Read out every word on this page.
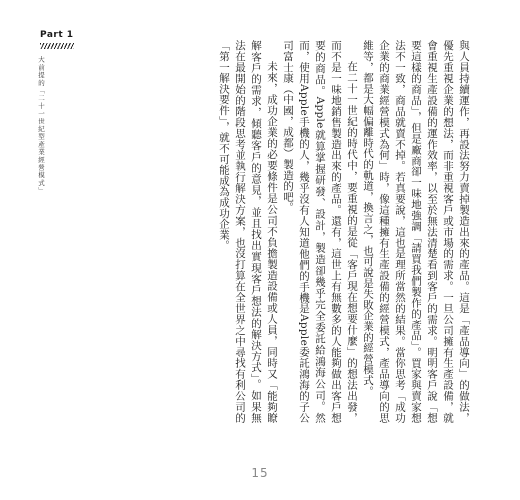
Part 1
大前提的「二十一世紀型產業經營模式」	與人員持續運作，再設法努力賣掉製造出來的產品。這是「產品導向」的做法，優先重視企業的想法，而非重視客戶或市場的需求。一旦公司擁有生產設備，就會重視生產設備的運作效率，以至於無法清楚看到客戶的需求。明明客戶說「想要這樣的商品」，但是廠商卻一味地強調「請買我們製作的產品」。買家與賣家想法不一致，商品就賣不掉。若真要說，這也是理所當然的結果。當你思考「成功企業的商業經營模式為何」時，像這種擁有生產設備的經營模式，產品導向的思維等，都是大幅偏離時代的軌道，換言之，也可說是失敗企業的經營模式。

在二十一世紀的時代中，要重視的是從「客戶現在想要什麼」的想法出發，而不是一味地銷售製造出來的產品。還有，這世上有無數多的人能夠做出客戶想要的商品。Apple就算掌握研發、設計，製造卻幾乎完全委託給鴻海公司。然而，使用Apple手機的人，幾乎沒有人知道他們的手機是Apple委託鴻海的子公司富士康（中國，成都）製造的吧。

未來，成功企業的必要條件是公司不負擔製造設備或人員，同時又「能夠瞭解客戶的需求，傾聽客戶的意見，並且找出實現客戶想法的解決方式」。如果無法在最開始的階段思考並執行解決方案，也沒打算在全世界之中尋找有利公司的「第一解決要件」，就不可能成為成功企業。

15
